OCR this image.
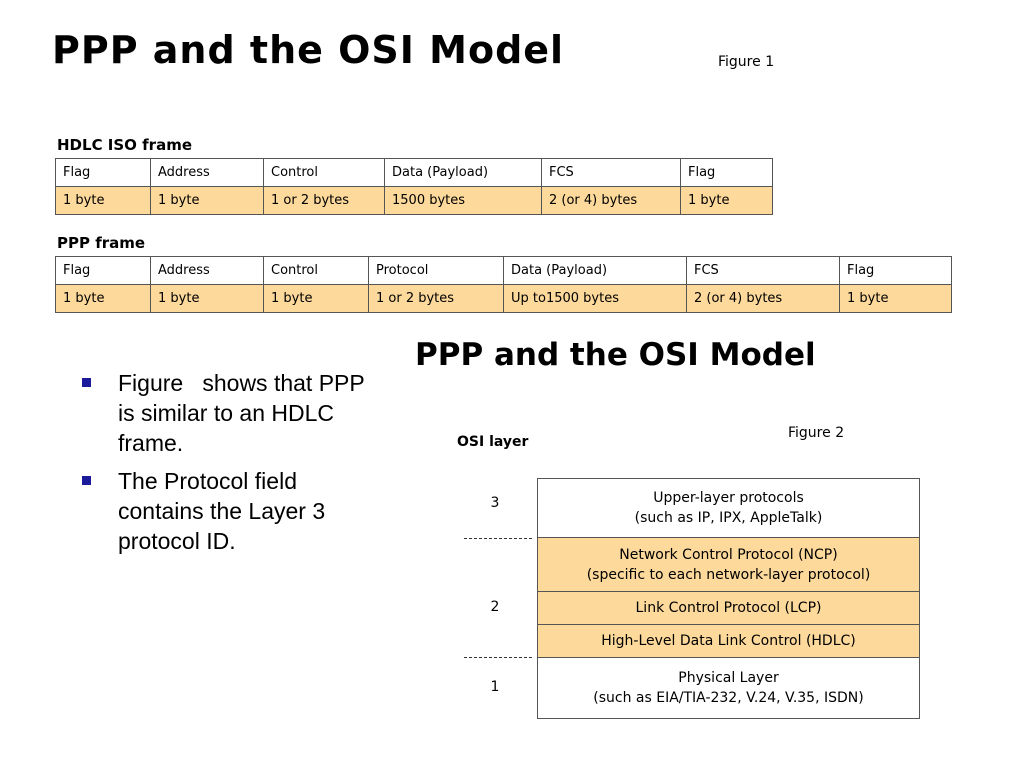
PPP and the OSI Model	Figure 1
HDLC ISO frame
Flag	Address	Control	Data (Payload)	FCS	Flag
1 byte	1 byte	1 or 2 bytes	1500 bytes	2 (or 4) bytes	1 byte
PPP frame
Flag	Address	Control	Protocol	Data (Payload)	FCS	Flag
1 byte	1 byte	1 byte	1 or 2 bytes	Up to1500 bytes	2 (or 4) bytes	1 byte
Figure   shows that PPP is similar to an HDLC frame.
The Protocol field contains the Layer 3 protocol ID.
PPP and the OSI Model
Figure 2
OSI layer
3
2
1
Upper-layer protocols
(such as IP, IPX, AppleTalk)
Network Control Protocol (NCP)
(specific to each network-layer protocol)
Link Control Protocol (LCP)
High-Level Data Link Control (HDLC)
Physical Layer
(such as EIA/TIA-232, V.24, V.35, ISDN)
